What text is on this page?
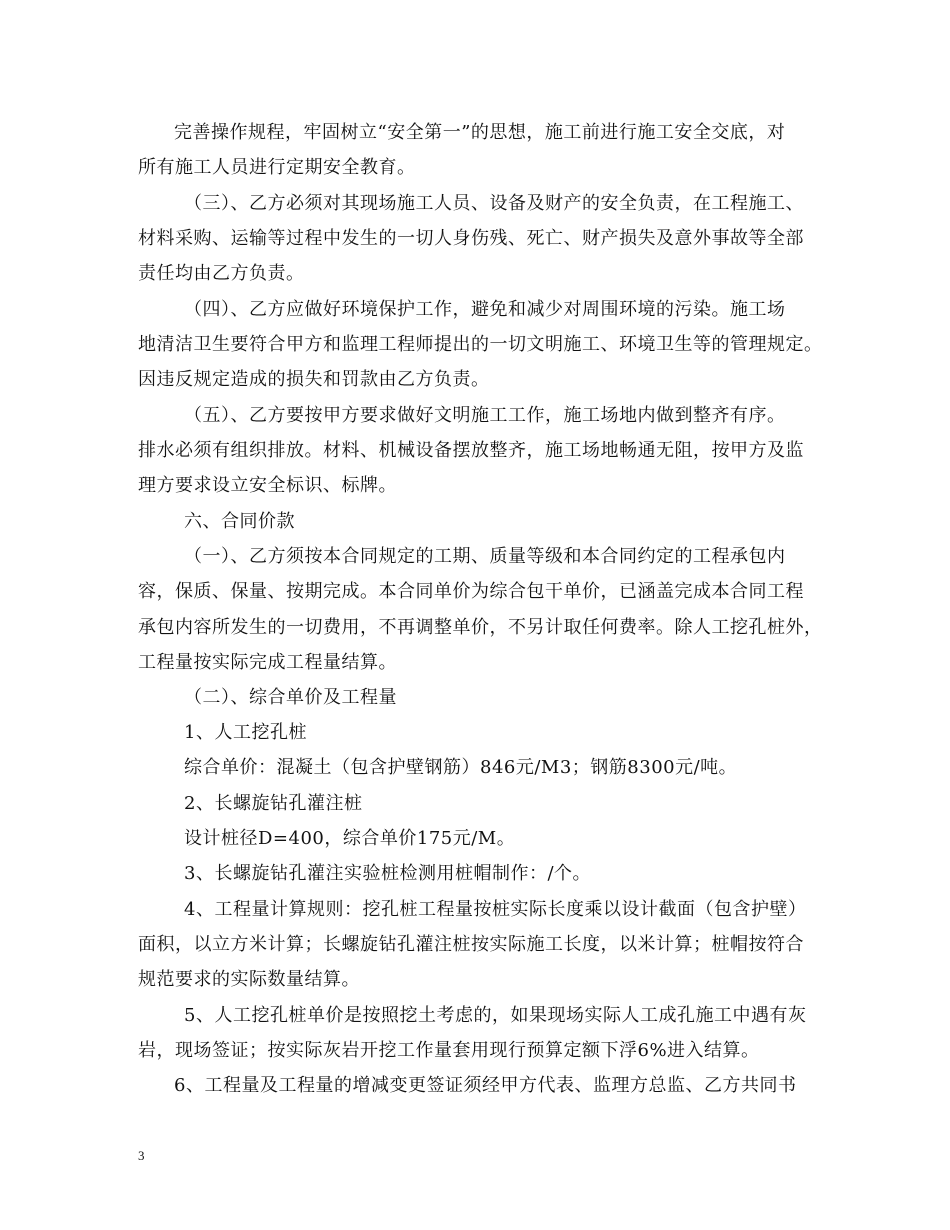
完善操作规程，牢固树立“安全第一”的思想，施工前进行施工安全交底，对
所有施工人员进行定期安全教育。
（三）、乙方必须对其现场施工人员、设备及财产的安全负责，在工程施工、
材料采购、运输等过程中发生的一切人身伤残、死亡、财产损失及意外事故等全部
责任均由乙方负责。
（四）、乙方应做好环境保护工作，避免和减少对周围环境的污染。施工场
地清洁卫生要符合甲方和监理工程师提出的一切文明施工、环境卫生等的管理规定。
因违反规定造成的损失和罚款由乙方负责。
（五）、乙方要按甲方要求做好文明施工工作，施工场地内做到整齐有序。
排水必须有组织排放。材料、机械设备摆放整齐，施工场地畅通无阻，按甲方及监
理方要求设立安全标识、标牌。
六、合同价款
（一）、乙方须按本合同规定的工期、质量等级和本合同约定的工程承包内
容，保质、保量、按期完成。本合同单价为综合包干单价，已涵盖完成本合同工程
承包内容所发生的一切费用，不再调整单价，不另计取任何费率。除人工挖孔桩外，
工程量按实际完成工程量结算。
（二）、综合单价及工程量
1、人工挖孔桩
综合单价：混凝土（包含护壁钢筋）846元/M3；钢筋8300元/吨。
2、长螺旋钻孔灌注桩
设计桩径D=400，综合单价175元/M。
3、长螺旋钻孔灌注实验桩检测用桩帽制作：/个。
4、工程量计算规则：挖孔桩工程量按桩实际长度乘以设计截面（包含护壁）
面积，以立方米计算；长螺旋钻孔灌注桩按实际施工长度，以米计算；桩帽按符合
规范要求的实际数量结算。
5、人工挖孔桩单价是按照挖土考虑的，如果现场实际人工成孔施工中遇有灰
岩，现场签证；按实际灰岩开挖工作量套用现行预算定额下浮6%进入结算。
6、工程量及工程量的增减变更签证须经甲方代表、监理方总监、乙方共同书
3
